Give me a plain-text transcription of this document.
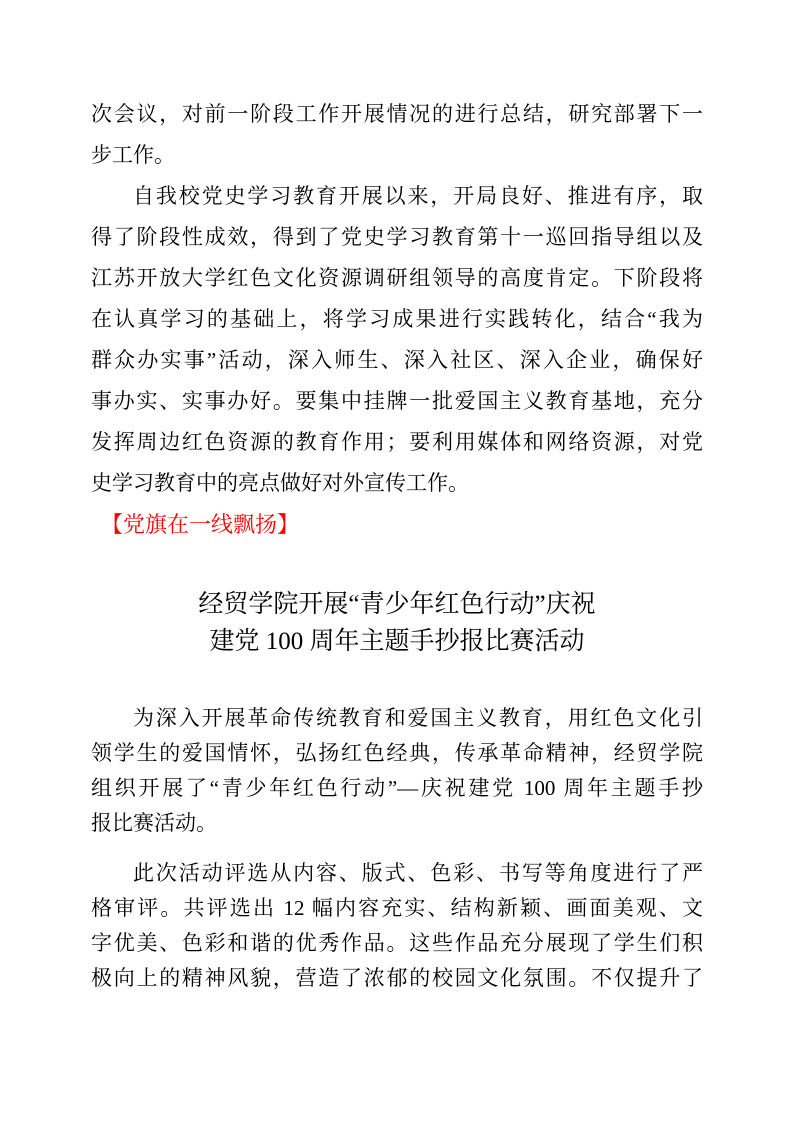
次会议，对前一阶段工作开展情况的进行总结，研究部署下一
步工作。
自我校党史学习教育开展以来，开局良好、推进有序，取
得了阶段性成效，得到了党史学习教育第十一巡回指导组以及
江苏开放大学红色文化资源调研组领导的高度肯定。下阶段将
在认真学习的基础上，将学习成果进行实践转化，结合“我为
群众办实事”活动，深入师生、深入社区、深入企业，确保好
事办实、实事办好。要集中挂牌一批爱国主义教育基地，充分
发挥周边红色资源的教育作用；要利用媒体和网络资源，对党
史学习教育中的亮点做好对外宣传工作。
【党旗在一线飘扬】
经贸学院开展“青少年红色行动”庆祝
建党 100 周年主题手抄报比赛活动
为深入开展革命传统教育和爱国主义教育，用红色文化引
领学生的爱国情怀，弘扬红色经典，传承革命精神，经贸学院
组织开展了“青少年红色行动”—庆祝建党 100 周年主题手抄
报比赛活动。
此次活动评选从内容、版式、色彩、书写等角度进行了严
格审评。共评选出 12 幅内容充实、结构新颖、画面美观、文
字优美、色彩和谐的优秀作品。这些作品充分展现了学生们积
极向上的精神风貌，营造了浓郁的校园文化氛围。不仅提升了
